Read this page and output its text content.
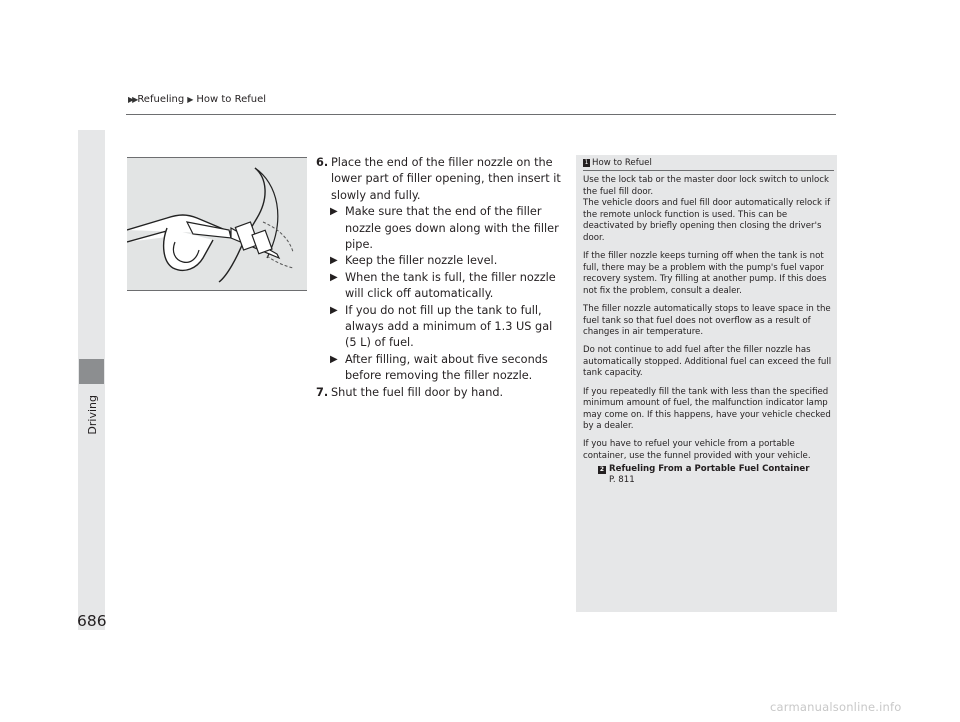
▶▶ Refueling ▶ How to Refuel
Driving
6. Place the end of the filler nozzle on the lower part of filler opening, then insert it slowly and fully.
▶ Make sure that the end of the filler nozzle goes down along with the filler pipe.
▶ Keep the filler nozzle level.
▶ When the tank is full, the filler nozzle will click off automatically.
▶ If you do not fill up the tank to full, always add a minimum of 1.3 US gal (5 L) of fuel.
▶ After filling, wait about five seconds before removing the filler nozzle.
7. Shut the fuel fill door by hand.
1 How to Refuel

Use the lock tab or the master door lock switch to unlock the fuel fill door.
The vehicle doors and fuel fill door automatically relock if the remote unlock function is used. This can be deactivated by briefly opening then closing the driver's door.

If the filler nozzle keeps turning off when the tank is not full, there may be a problem with the pump's fuel vapor recovery system. Try filling at another pump. If this does not fix the problem, consult a dealer.

The filler nozzle automatically stops to leave space in the fuel tank so that fuel does not overflow as a result of changes in air temperature.

Do not continue to add fuel after the filler nozzle has automatically stopped. Additional fuel can exceed the full tank capacity.

If you repeatedly fill the tank with less than the specified minimum amount of fuel, the malfunction indicator lamp may come on. If this happens, have your vehicle checked by a dealer.

If you have to refuel your vehicle from a portable container, use the funnel provided with your vehicle.

2 Refueling From a Portable Fuel Container
P. 811
686
carmanualsonline.info
